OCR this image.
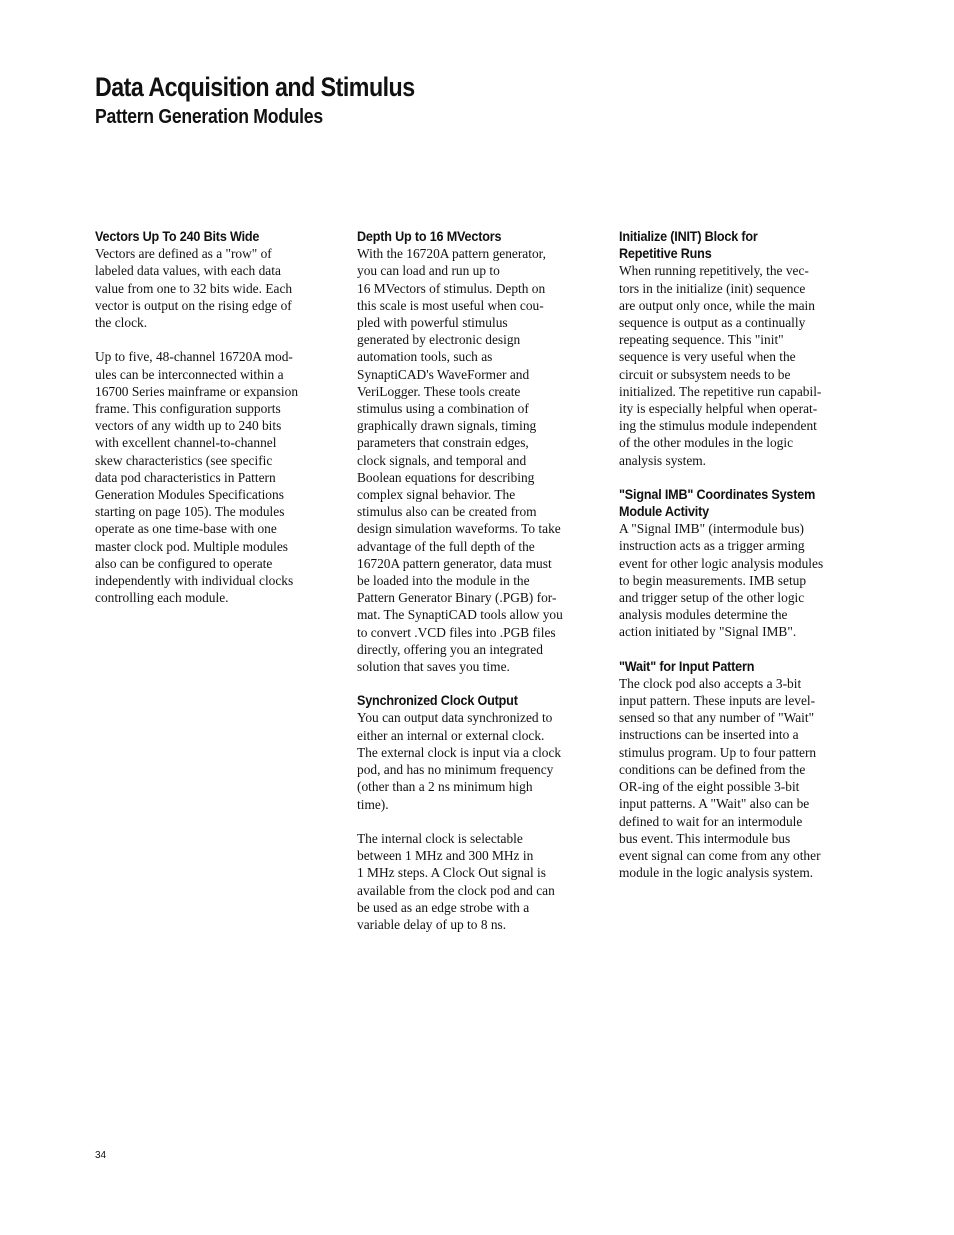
Data Acquisition and Stimulus
Pattern Generation Modules
Vectors Up To 240 Bits Wide

Vectors are defined as a "row" of
labeled data values, with each data
value from one to 32 bits wide. Each
vector is output on the rising edge of
the clock.

Up to five, 48-channel 16720A mod-
ules can be interconnected within a
16700 Series mainframe or expansion
frame. This configuration supports
vectors of any width up to 240 bits
with excellent channel-to-channel
skew characteristics (see specific
data pod characteristics in Pattern
Generation Modules Specifications
starting on page 105). The modules
operate as one time-base with one
master clock pod. Multiple modules
also can be configured to operate
independently with individual clocks
controlling each module.

Depth Up to 16 MVectors

With the 16720A pattern generator,
you can load and run up to
16 MVectors of stimulus. Depth on
this scale is most useful when cou-
pled with powerful stimulus
generated by electronic design
automation tools, such as
SynaptiCAD's WaveFormer and
VeriLogger. These tools create
stimulus using a combination of
graphically drawn signals, timing
parameters that constrain edges,
clock signals, and temporal and
Boolean equations for describing
complex signal behavior. The
stimulus also can be created from
design simulation waveforms. To take
advantage of the full depth of the
16720A pattern generator, data must
be loaded into the module in the
Pattern Generator Binary (.PGB) for-
mat. The SynaptiCAD tools allow you
to convert .VCD files into .PGB files
directly, offering you an integrated
solution that saves you time.

Synchronized Clock Output

You can output data synchronized to
either an internal or external clock.
The external clock is input via a clock
pod, and has no minimum frequency
(other than a 2 ns minimum high
time).

The internal clock is selectable
between 1 MHz and 300 MHz in
1 MHz steps. A Clock Out signal is
available from the clock pod and can
be used as an edge strobe with a
variable delay of up to 8 ns.

Initialize (INIT) Block for
Repetitive Runs

When running repetitively, the vec-
tors in the initialize (init) sequence
are output only once, while the main
sequence is output as a continually
repeating sequence. This "init"
sequence is very useful when the
circuit or subsystem needs to be
initialized. The repetitive run capabil-
ity is especially helpful when operat-
ing the stimulus module independent
of the other modules in the logic
analysis system.

"Signal IMB" Coordinates System
Module Activity

A "Signal IMB" (intermodule bus)
instruction acts as a trigger arming
event for other logic analysis modules
to begin measurements. IMB setup
and trigger setup of the other logic
analysis modules determine the
action initiated by "Signal IMB".

"Wait" for Input Pattern

The clock pod also accepts a 3-bit
input pattern. These inputs are level-
sensed so that any number of "Wait"
instructions can be inserted into a
stimulus program. Up to four pattern
conditions can be defined from the
OR-ing of the eight possible 3-bit
input patterns. A "Wait" also can be
defined to wait for an intermodule
bus event. This intermodule bus
event signal can come from any other
module in the logic analysis system.

34
